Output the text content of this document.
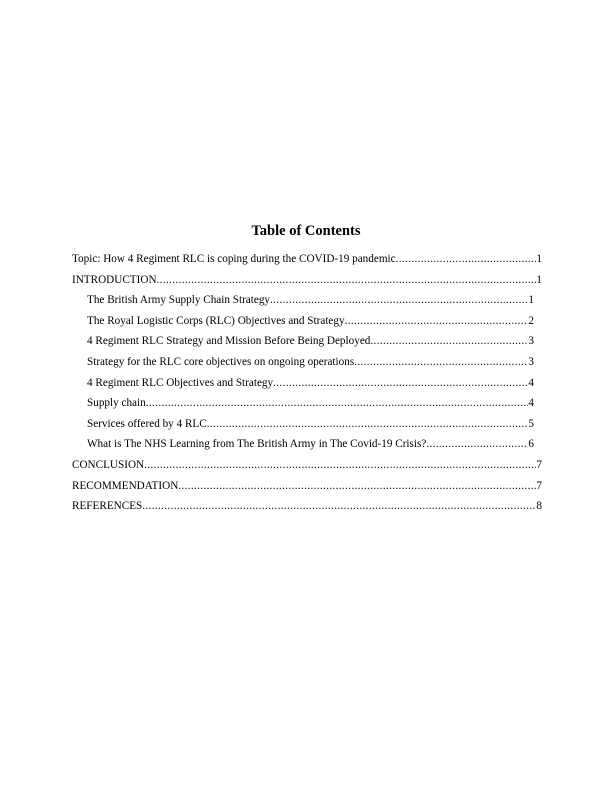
Table of Contents
Topic: How 4 Regiment RLC is coping during the COVID-19 pandemic .....	1
INTRODUCTION .....	1
The British Army Supply Chain Strategy .....	1
The Royal Logistic Corps (RLC) Objectives and Strategy .....	2
4 Regiment RLC Strategy and Mission Before Being Deployed .....	3
Strategy for the RLC core objectives on ongoing operations .....	3
4 Regiment RLC Objectives and Strategy .....	4
Supply chain .....	4
Services offered by 4 RLC .....	5
What is The NHS Learning from The British Army in The Covid-19 Crisis? .....	6
CONCLUSION .....	7
RECOMMENDATION .....	7
REFERENCES .....	8
